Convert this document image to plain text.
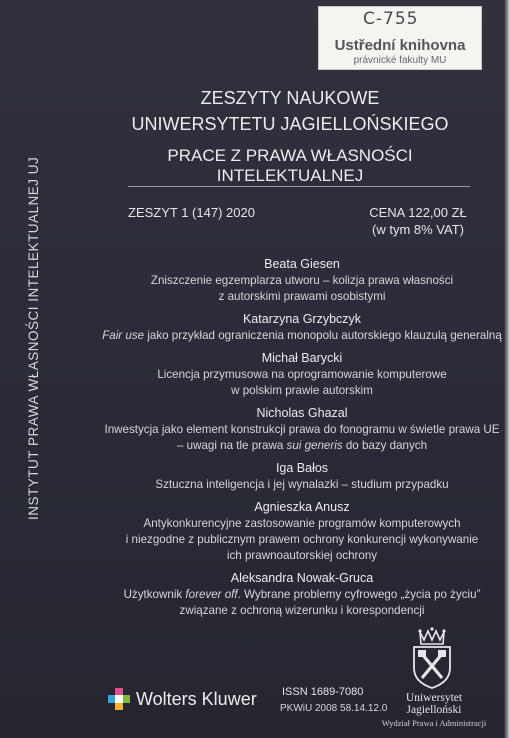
C-755
Ustřední knihovna
právnické fakulty MU
INSTYTUT PRAWA WŁASNOŚCI INTELEKTUALNEJ UJ
ZESZYTY NAUKOWE
UNIWERSYTETU JAGIELLOŃSKIEGO
PRACE Z PRAWA WŁASNOŚCI INTELEKTUALNEJ
ZESZYT 1 (147) 2020	CENA 122,00 ZŁ
(w tym 8% VAT)
Beata Giesen
Zniszczenie egzemplarza utworu – kolizja prawa własności
z autorskimi prawami osobistymi
Katarzyna Grzybczyk
Fair use jako przykład ograniczenia monopolu autorskiego klauzulą generalną
Michał Barycki
Licencja przymusowa na oprogramowanie komputerowe
w polskim prawie autorskim
Nicholas Ghazal
Inwestycja jako element konstrukcji prawa do fonogramu w świetle prawa UE
– uwagi na tle prawa sui generis do bazy danych
Iga Bałos
Sztuczna inteligencja i jej wynalazki – studium przypadku
Agnieszka Anusz
Antykonkurencyjne zastosowanie programów komputerowych
i niezgodne z publicznym prawem ochrony konkurencji wykonywanie
ich prawnoautorskiej ochrony
Aleksandra Nowak-Gruca
Użytkownik forever off. Wybrane problemy cyfrowego „życia po życiu”
związane z ochroną wizerunku i korespondencji
Wolters Kluwer ISSN 1689-7080
PKWiU 2008 58.14.12.0
Uniwersytet Jagielloński
Wydział Prawa i Administracji
